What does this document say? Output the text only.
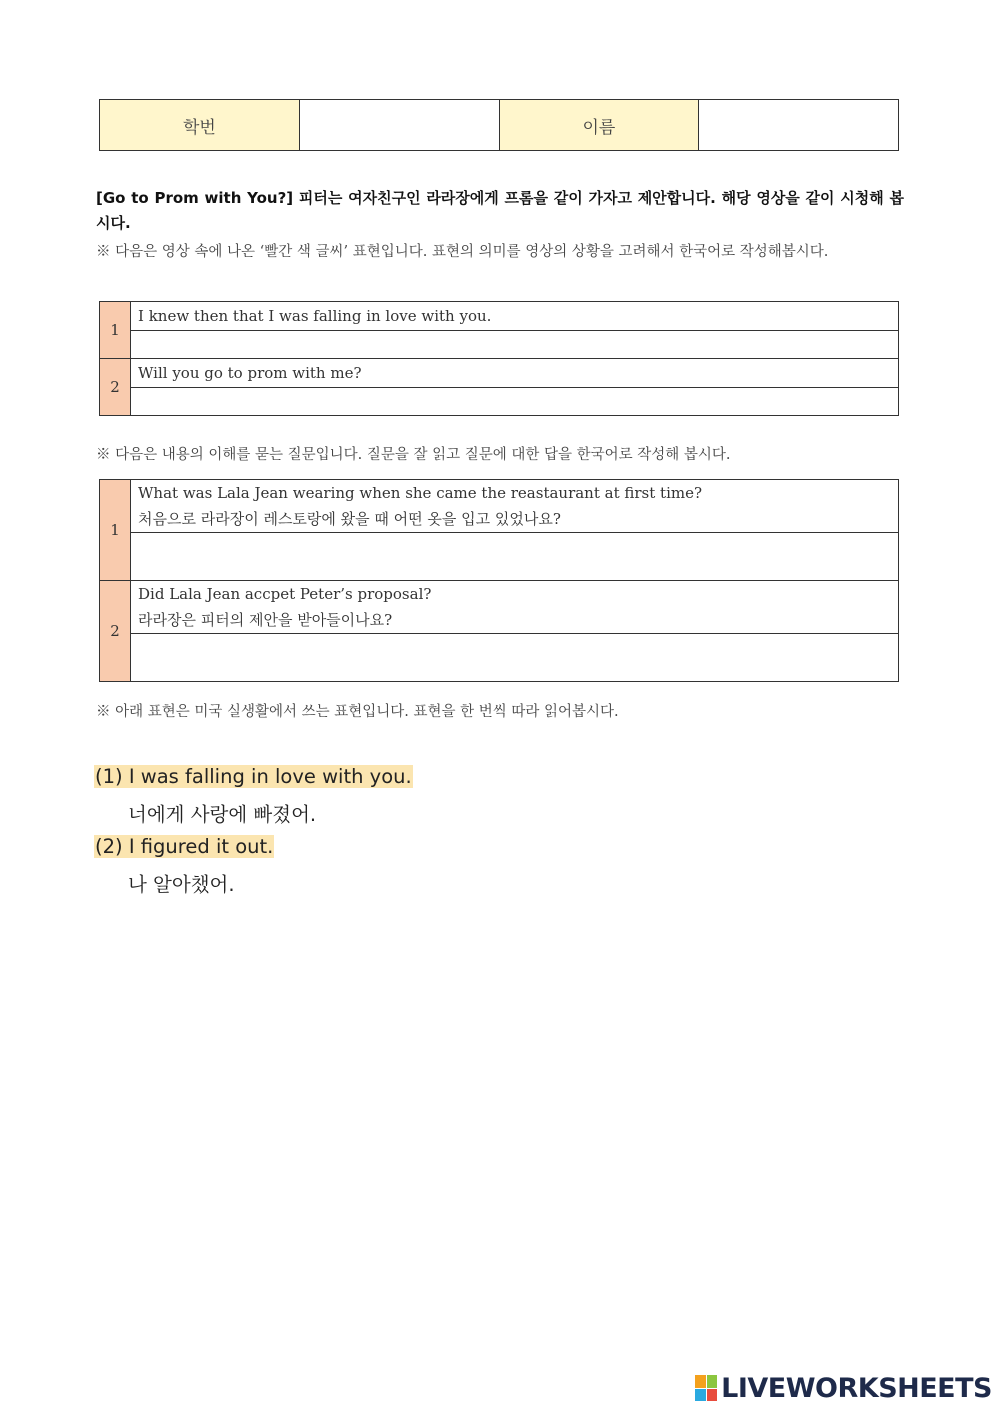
학번		이름	
[Go to Prom with You?] 피터는 여자친구인 라라장에게 프롬을 같이 가자고 제안합니다. 해당 영상을 같이 시청해 봅시다.
※ 다음은 영상 속에 나온 ‘빨간 색 글씨’ 표현입니다. 표현의 의미를 영상의 상황을 고려해서 한국어로 작성해봅시다.
1	I knew then that I was falling in love with you.

2	Will you go to prom with me?

※ 다음은 내용의 이해를 묻는 질문입니다. 질문을 잘 읽고 질문에 대한 답을 한국어로 작성해 봅시다.
1	What was Lala Jean wearing when she came the reastaurant at first time?
처음으로 라라장이 레스토랑에 왔을 때 어떤 옷을 입고 있었나요?

2	Did Lala Jean accpet Peter’s proposal?
라라장은 피터의 제안을 받아들이나요?

※ 아래 표현은 미국 실생활에서 쓰는 표현입니다. 표현을 한 번씩 따라 읽어봅시다.
(1) I was falling in love with you.
너에게 사랑에 빠졌어.
(2) I figured it out.
나 알아챘어.
LIVEWORKSHEETS
